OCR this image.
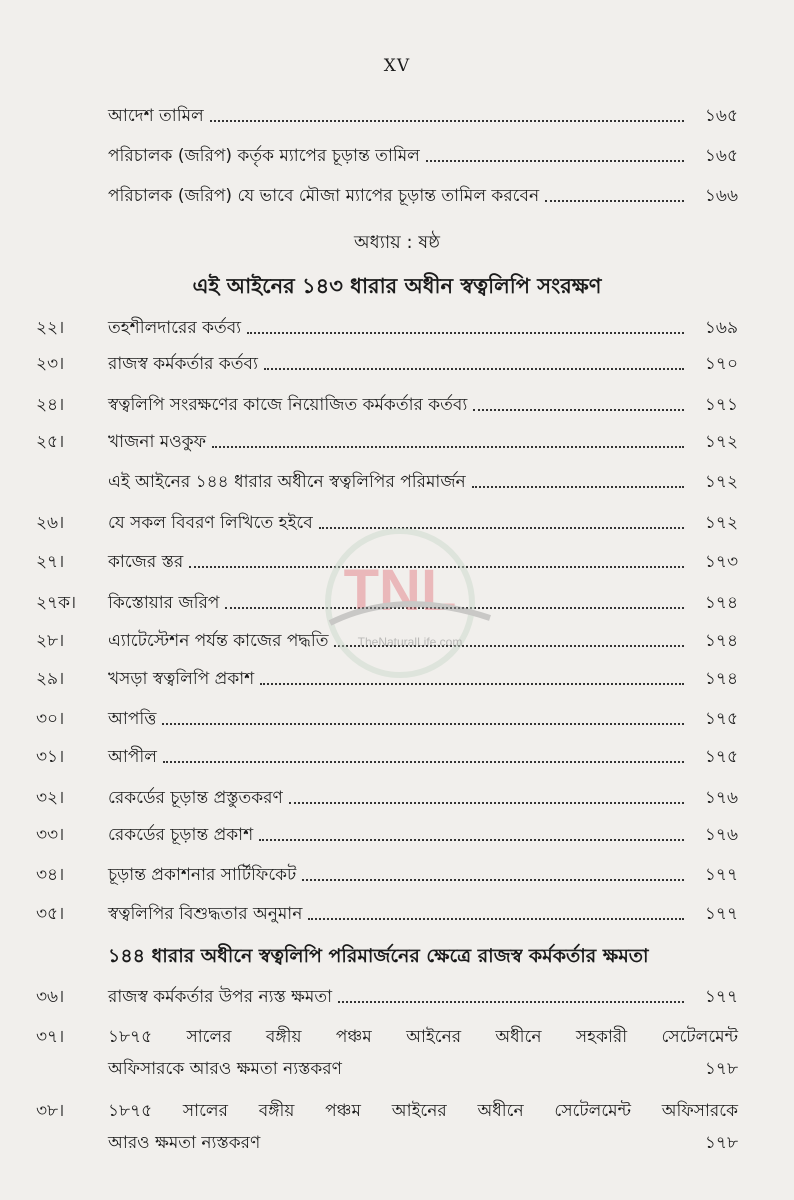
XV
আদেশ তামিল	১৬৫
পরিচালক (জরিপ) কর্তৃক ম্যাপের চূড়ান্ত তামিল	১৬৫
পরিচালক (জরিপ) যে ভাবে মৌজা ম্যাপের চূড়ান্ত তামিল করবেন	১৬৬
অধ্যায় : ষষ্ঠ
এই আইনের ১৪৩ ধারার অধীন স্বত্বলিপি সংরক্ষণ
২২।	তহশীলদারের কর্তব্য	১৬৯
২৩।	রাজস্ব কর্মকর্তার কর্তব্য	১৭০
২৪।	স্বত্বলিপি সংরক্ষণের কাজে নিয়োজিত কর্মকর্তার কর্তব্য	১৭১
২৫।	খাজনা মওকুফ	১৭২
এই আইনের ১৪৪ ধারার অধীনে স্বত্বলিপির পরিমার্জন	১৭২
২৬।	যে সকল বিবরণ লিখিতে হইবে	১৭২
২৭।	কাজের স্তর	১৭৩
২৭ক।	কিস্তোয়ার জরিপ	১৭৪
২৮।	এ্যাটেস্টেশন পর্যন্ত কাজের পদ্ধতি	১৭৪
২৯।	খসড়া স্বত্বলিপি প্রকাশ	১৭৪
৩০।	আপত্তি	১৭৫
৩১।	আপীল	১৭৫
৩২।	রেকর্ডের চূড়ান্ত প্রস্তুতকরণ	১৭৬
৩৩।	রেকর্ডের চূড়ান্ত প্রকাশ	১৭৬
৩৪।	চূড়ান্ত প্রকাশনার সার্টিফিকেট	১৭৭
৩৫।	স্বত্বলিপির বিশুদ্ধতার অনুমান	১৭৭
১৪৪ ধারার অধীনে স্বত্বলিপি পরিমার্জনের ক্ষেত্রে রাজস্ব কর্মকর্তার ক্ষমতা
৩৬।	রাজস্ব কর্মকর্তার উপর ন্যস্ত ক্ষমতা	১৭৭
৩৭।	১৮৭৫ সালের বঙ্গীয় পঞ্চম আইনের অধীনে সহকারী সেটেলমেন্ট
অফিসারকে আরও ক্ষমতা ন্যস্তকরণ	১৭৮
৩৮।	১৮৭৫ সালের বঙ্গীয় পঞ্চম আইনের অধীনে সেটেলমেন্ট অফিসারকে
আরও ক্ষমতা ন্যস্তকরণ	১৭৮
TNL
TheNaturalLife.com
